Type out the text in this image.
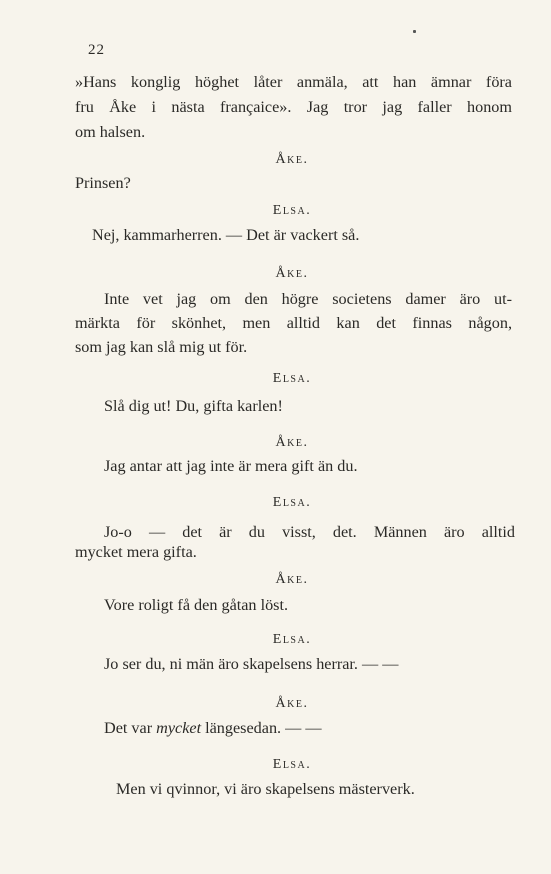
22
»Hans konglig höghet låter anmäla, att han ämnar föra
fru Åke i nästa françaice». Jag tror jag faller honom
om halsen.
Åke.
Prinsen?
Elsa.
Nej, kammarherren. — Det är vackert så.
Åke.
Inte vet jag om den högre societens damer äro ut-
märkta för skönhet, men alltid kan det finnas någon,
som jag kan slå mig ut för.
Elsa.
Slå dig ut! Du, gifta karlen!
Åke.
Jag antar att jag inte är mera gift än du.
Elsa.
Jo-o — det är du visst, det. Männen äro alltid
mycket mera gifta.
Åke.
Vore roligt få den gåtan löst.
Elsa.
Jo ser du, ni män äro skapelsens herrar. — —
Åke.
Det var mycket längesedan. — —
Elsa.
Men vi qvinnor, vi äro skapelsens mästerverk.
